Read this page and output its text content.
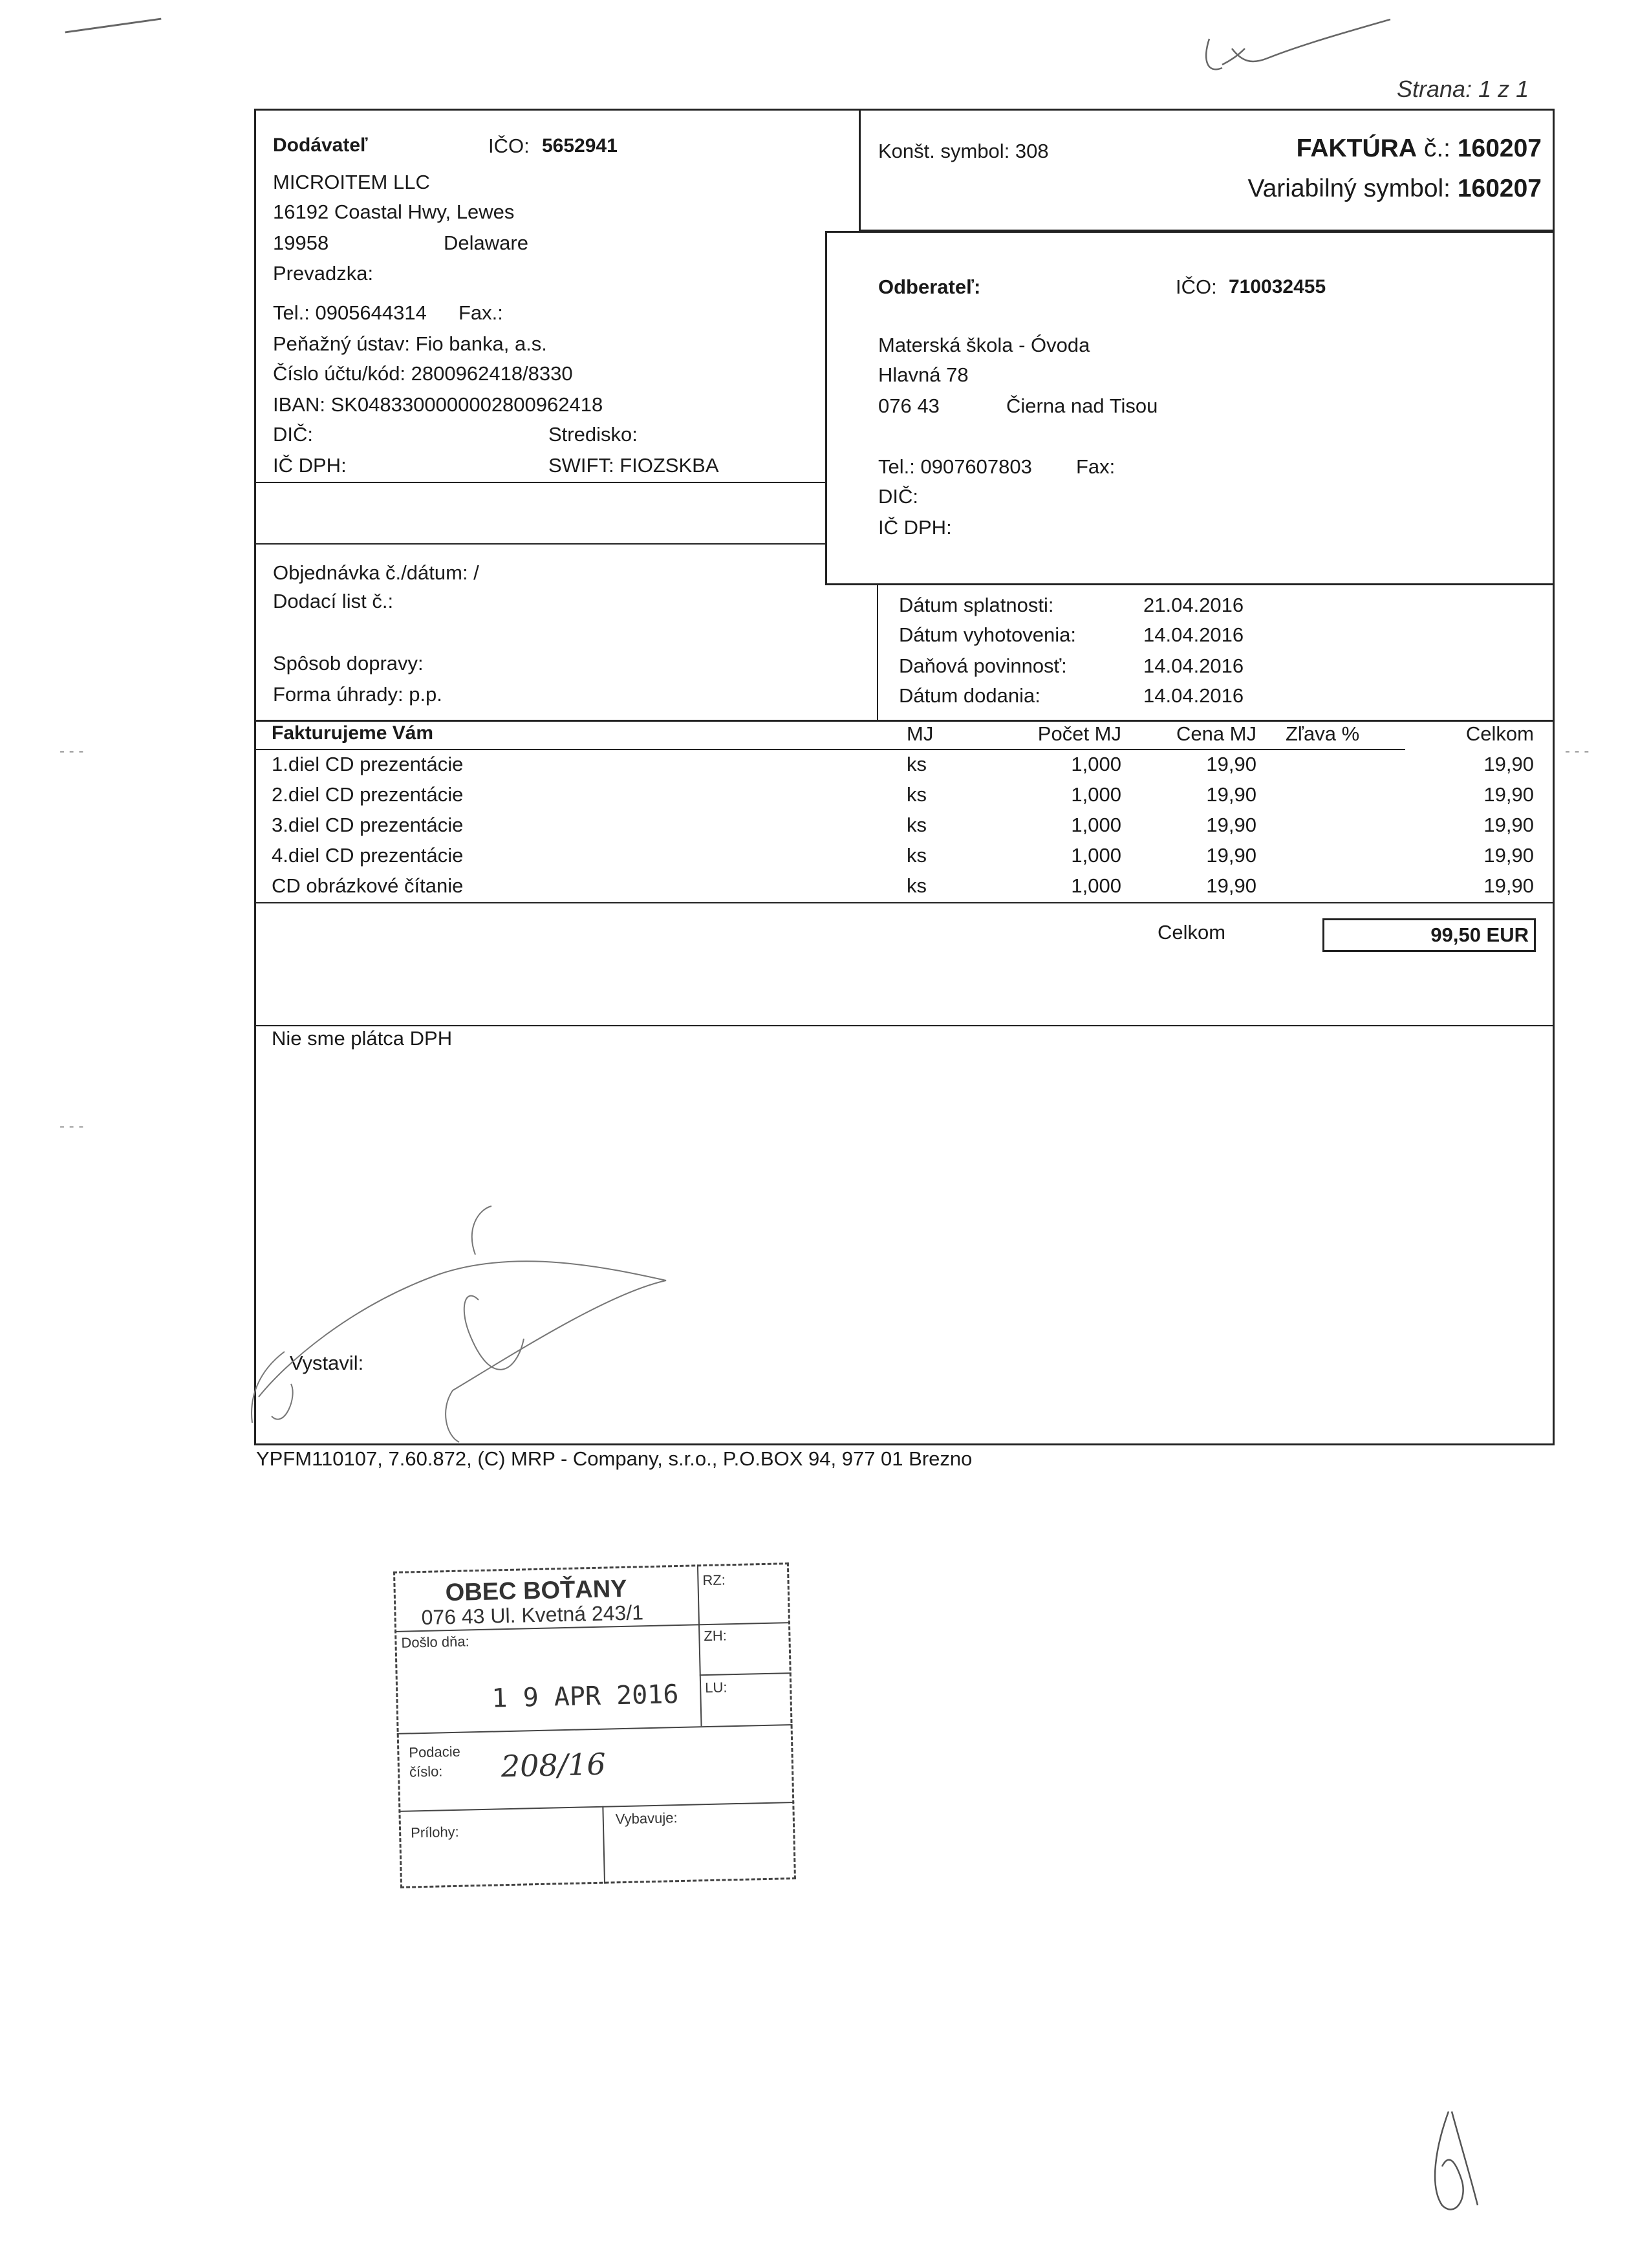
Strana: 1 z 1
Dodávateľ	IČO: 5652941
MICROITEM LLC
16192 Coastal Hwy, Lewes
19958	Delaware
Prevadzka:
Tel.: 0905644314 Fax.:
Peňažný ústav: Fio banka, a.s.
Číslo účtu/kód: 2800962418/8330
IBAN: SK0483300000002800962418
DIČ:	Stredisko:
IČ DPH:	SWIFT: FIOZSKBA
Konšt. symbol: 308	FAKTÚRA č.: 160207
Variabilný symbol: 160207
Odberateľ:	IČO: 710032455
Materská škola - Óvoda
Hlavná 78
076 43	Čierna nad Tisou
Tel.: 0907607803 Fax:
DIČ:
IČ DPH:
Objednávka č./dátum: /
Dodací list č.:
Spôsob dopravy:
Forma úhrady: p.p.
Dátum splatnosti:	21.04.2016
Dátum vyhotovenia:	14.04.2016
Daňová povinnosť:	14.04.2016
Dátum dodania:	14.04.2016
Fakturujeme Vám	MJ	Počet MJ	Cena MJ Zľava %	Celkom
1.diel CD prezentácie	ks	1,000	19,90	19,90
2.diel CD prezentácie	ks	1,000	19,90	19,90
3.diel CD prezentácie	ks	1,000	19,90	19,90
4.diel CD prezentácie	ks	1,000	19,90	19,90
CD obrázkové čítanie	ks	1,000	19,90	19,90
Celkom	99,50 EUR
Nie sme plátca DPH
Vystavil:
YPFM110107, 7.60.872, (C) MRP - Company, s.r.o., P.O.BOX 94, 977 01 Brezno
- - -	- - -
- - -
OBEC BOŤANY
076 43 Ul. Kvetná 243/1
RZ:
Došlo dňa:
1 9 APR 2016
ZH:
LU:
Podacie
číslo: 208/16
Prílohy:
Vybavuje:
